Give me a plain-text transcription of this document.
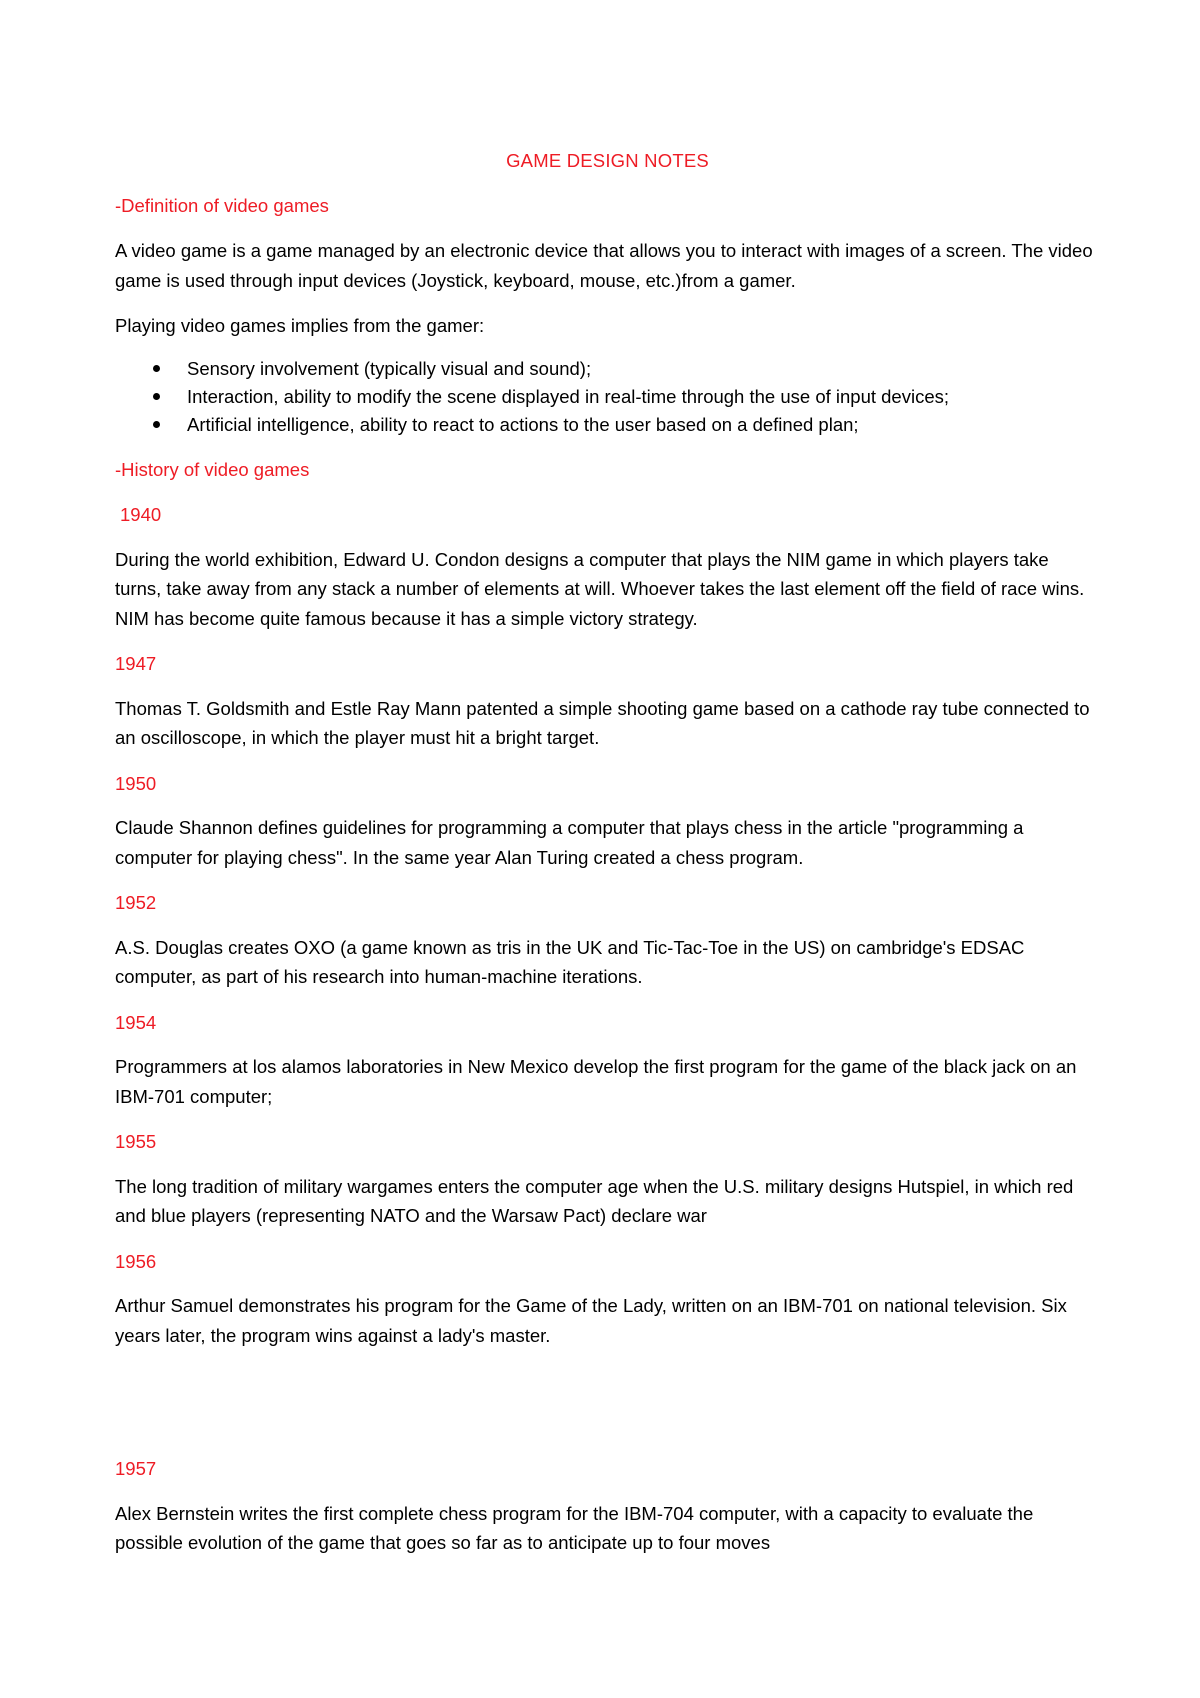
GAME DESIGN NOTES
-Definition of video games

A video game is a game managed by an electronic device that allows you to interact with images of a screen. The video game is used through input devices (Joystick, keyboard, mouse, etc.)from a gamer.

Playing video games implies from the gamer:

Sensory involvement (typically visual and sound);
Interaction, ability to modify the scene displayed in real-time through the use of input devices;
Artificial intelligence, ability to react to actions to the user based on a defined plan;
-History of video games
1940

During the world exhibition, Edward U. Condon designs a computer that plays the NIM game in which players take turns, take away from any stack a number of elements at will. Whoever takes the last element off the field of race wins. NIM has become quite famous because it has a simple victory strategy.

1947

Thomas T. Goldsmith and Estle Ray Mann patented a simple shooting game based on a cathode ray tube connected to an oscilloscope, in which the player must hit a bright target.

1950

Claude Shannon defines guidelines for programming a computer that plays chess in the article "programming a computer for playing chess". In the same year Alan Turing created a chess program.

1952

A.S. Douglas creates OXO (a game known as tris in the UK and Tic-Tac-Toe in the US) on cambridge's EDSAC computer, as part of his research into human-machine iterations.

1954

Programmers at los alamos laboratories in New Mexico develop the first program for the game of the black jack on an IBM-701 computer;

1955

The long tradition of military wargames enters the computer age when the U.S. military designs Hutspiel, in which red and blue players (representing NATO and the Warsaw Pact) declare war

1956

Arthur Samuel demonstrates his program for the Game of the Lady, written on an IBM-701 on national television. Six years later, the program wins against a lady's master.

1957

Alex Bernstein writes the first complete chess program for the IBM-704 computer, with a capacity to evaluate the possible evolution of the game that goes so far as to anticipate up to four moves
